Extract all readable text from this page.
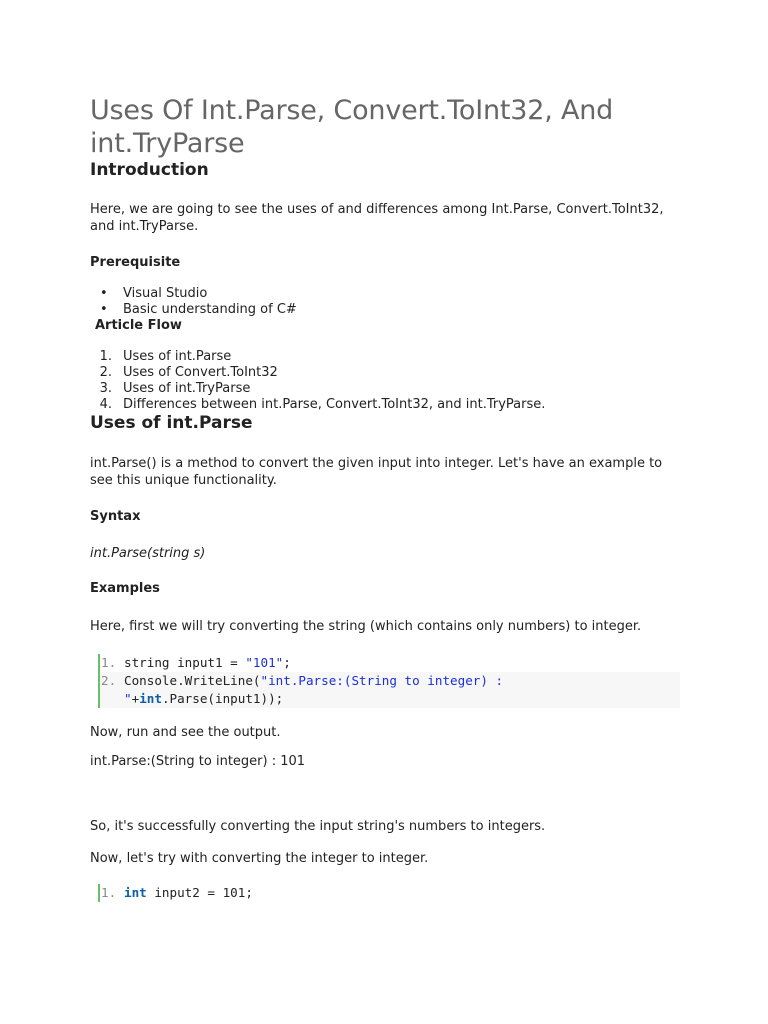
Uses Of Int.Parse, Convert.ToInt32, And int.TryParse
Introduction

Here, we are going to see the uses of and differences among Int.Parse, Convert.ToInt32, and int.TryParse.

Prerequisite
• Visual Studio
• Basic understanding of C#
Article Flow
1. Uses of int.Parse
2. Uses of Convert.ToInt32
3. Uses of int.TryParse
4. Differences between int.Parse, Convert.ToInt32, and int.TryParse.
Uses of int.Parse

int.Parse() is a method to convert the given input into integer. Let's have an example to see this unique functionality.

Syntax
int.Parse(string s)
Examples

Here, first we will try converting the string (which contains only numbers) to integer.

1. string input1 = "101";
2. Console.WriteLine("int.Parse:(String to integer) :
"+int.Parse(input1));

Now, run and see the output.

int.Parse:(String to integer) : 101

So, it's successfully converting the input string's numbers to integers.

Now, let's try with converting the integer to integer.

1. int input2 = 101;
